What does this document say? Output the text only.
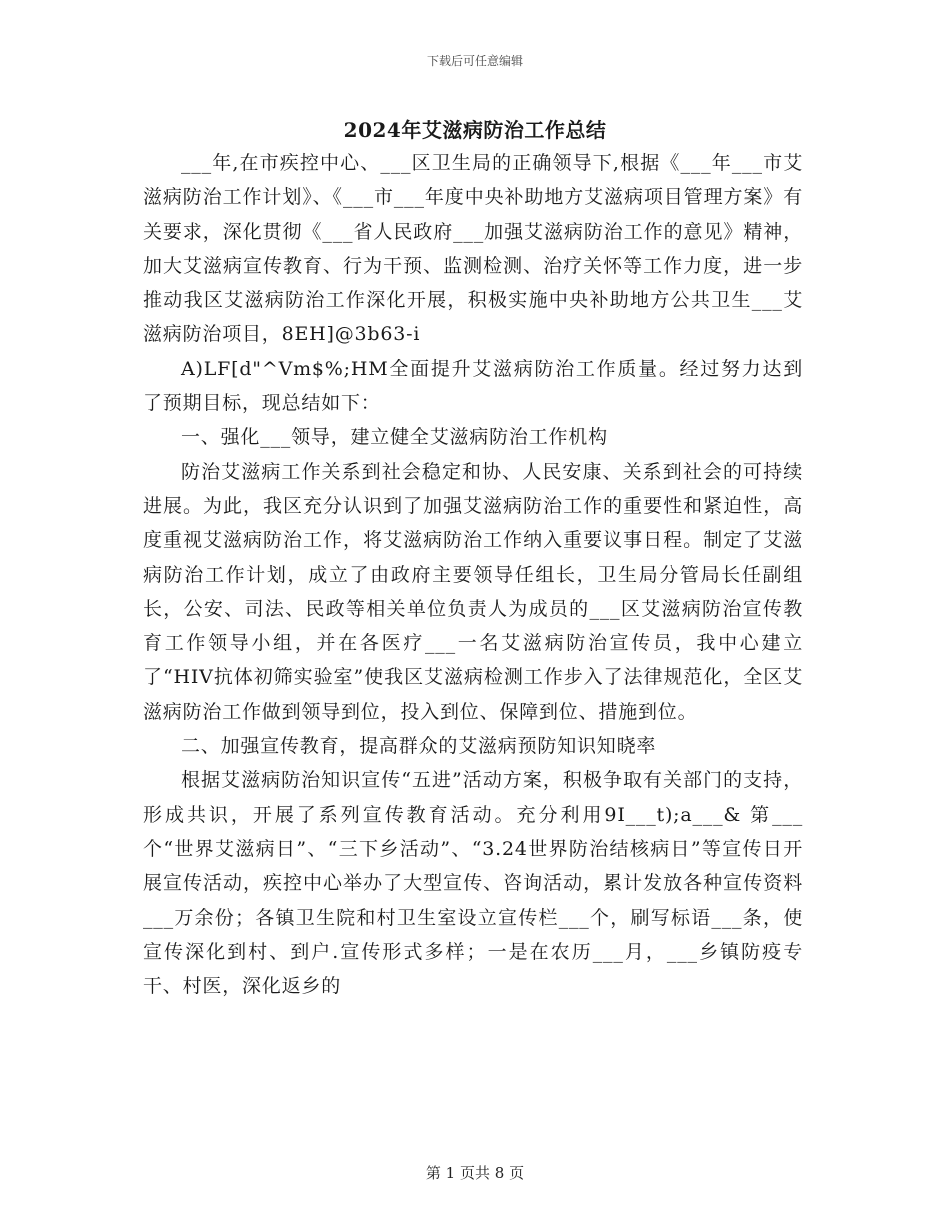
下载后可任意编辑
2024年艾滋病防治工作总结

___年,在市疾控中心、___区卫生局的正确领导下,根据《___年___市艾滋病防治工作计划》、《___市___年度中央补助地方艾滋病项目管理方案》有关要求，深化贯彻《___省人民政府___加强艾滋病防治工作的意见》精神，加大艾滋病宣传教育、行为干预、监测检测、治疗关怀等工作力度，进一步推动我区艾滋病防治工作深化开展，积极实施中央补助地方公共卫生___艾滋病防治项目，8EH]@3b63-i

A)LF[d"^Vm$%;HM全面提升艾滋病防治工作质量。经过努力达到了预期目标，现总结如下：

一、强化___领导，建立健全艾滋病防治工作机构

防治艾滋病工作关系到社会稳定和协、人民安康、关系到社会的可持续进展。为此，我区充分认识到了加强艾滋病防治工作的重要性和紧迫性，高度重视艾滋病防治工作，将艾滋病防治工作纳入重要议事日程。制定了艾滋病防治工作计划，成立了由政府主要领导任组长，卫生局分管局长任副组长，公安、司法、民政等相关单位负责人为成员的___区艾滋病防治宣传教育工作领导小组，并在各医疗___一名艾滋病防治宣传员，我中心建立了“HIV抗体初筛实验室”使我区艾滋病检测工作步入了法律规范化，全区艾滋病防治工作做到领导到位，投入到位、保障到位、措施到位。

二、加强宣传教育，提高群众的艾滋病预防知识知晓率

根据艾滋病防治知识宣传“五进”活动方案，积极争取有关部门的支持，形成共识，开展了系列宣传教育活动。充分利用9I___t);a___& 第___个“世界艾滋病日”、“三下乡活动”、“3.24世界防治结核病日”等宣传日开展宣传活动，疾控中心举办了大型宣传、咨询活动，累计发放各种宣传资料___万余份；各镇卫生院和村卫生室设立宣传栏___个，刷写标语___条，使宣传深化到村、到户.宣传形式多样；一是在农历___月，___乡镇防疫专干、村医，深化返乡的

第 1 页共 8 页
